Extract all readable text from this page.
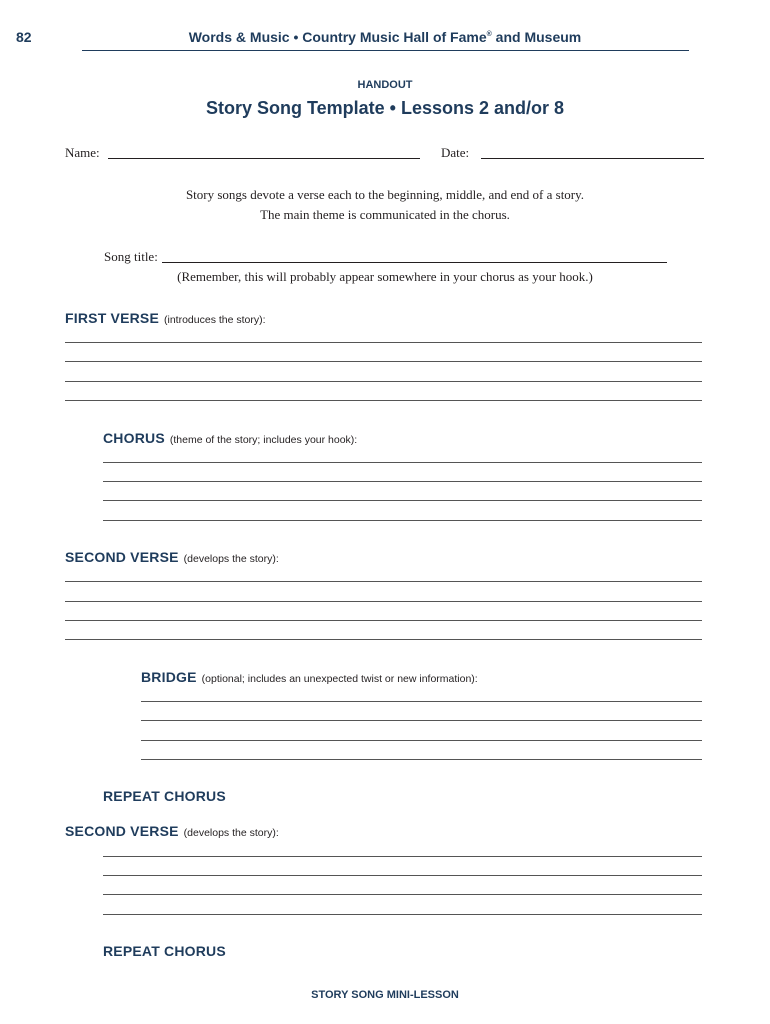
82	Words & Music • Country Music Hall of Fame® and Museum
HANDOUT
Story Song Template • Lessons 2 and/or 8
Name:	Date:
Story songs devote a verse each to the beginning, middle, and end of a story.
The main theme is communicated in the chorus.
Song title:
(Remember, this will probably appear somewhere in your chorus as your hook.)
FIRST VERSE (introduces the story):
CHORUS (theme of the story; includes your hook):
SECOND VERSE (develops the story):
BRIDGE (optional; includes an unexpected twist or new information):
REPEAT CHORUS
SECOND VERSE (develops the story):
REPEAT CHORUS
STORY SONG MINI-LESSON
